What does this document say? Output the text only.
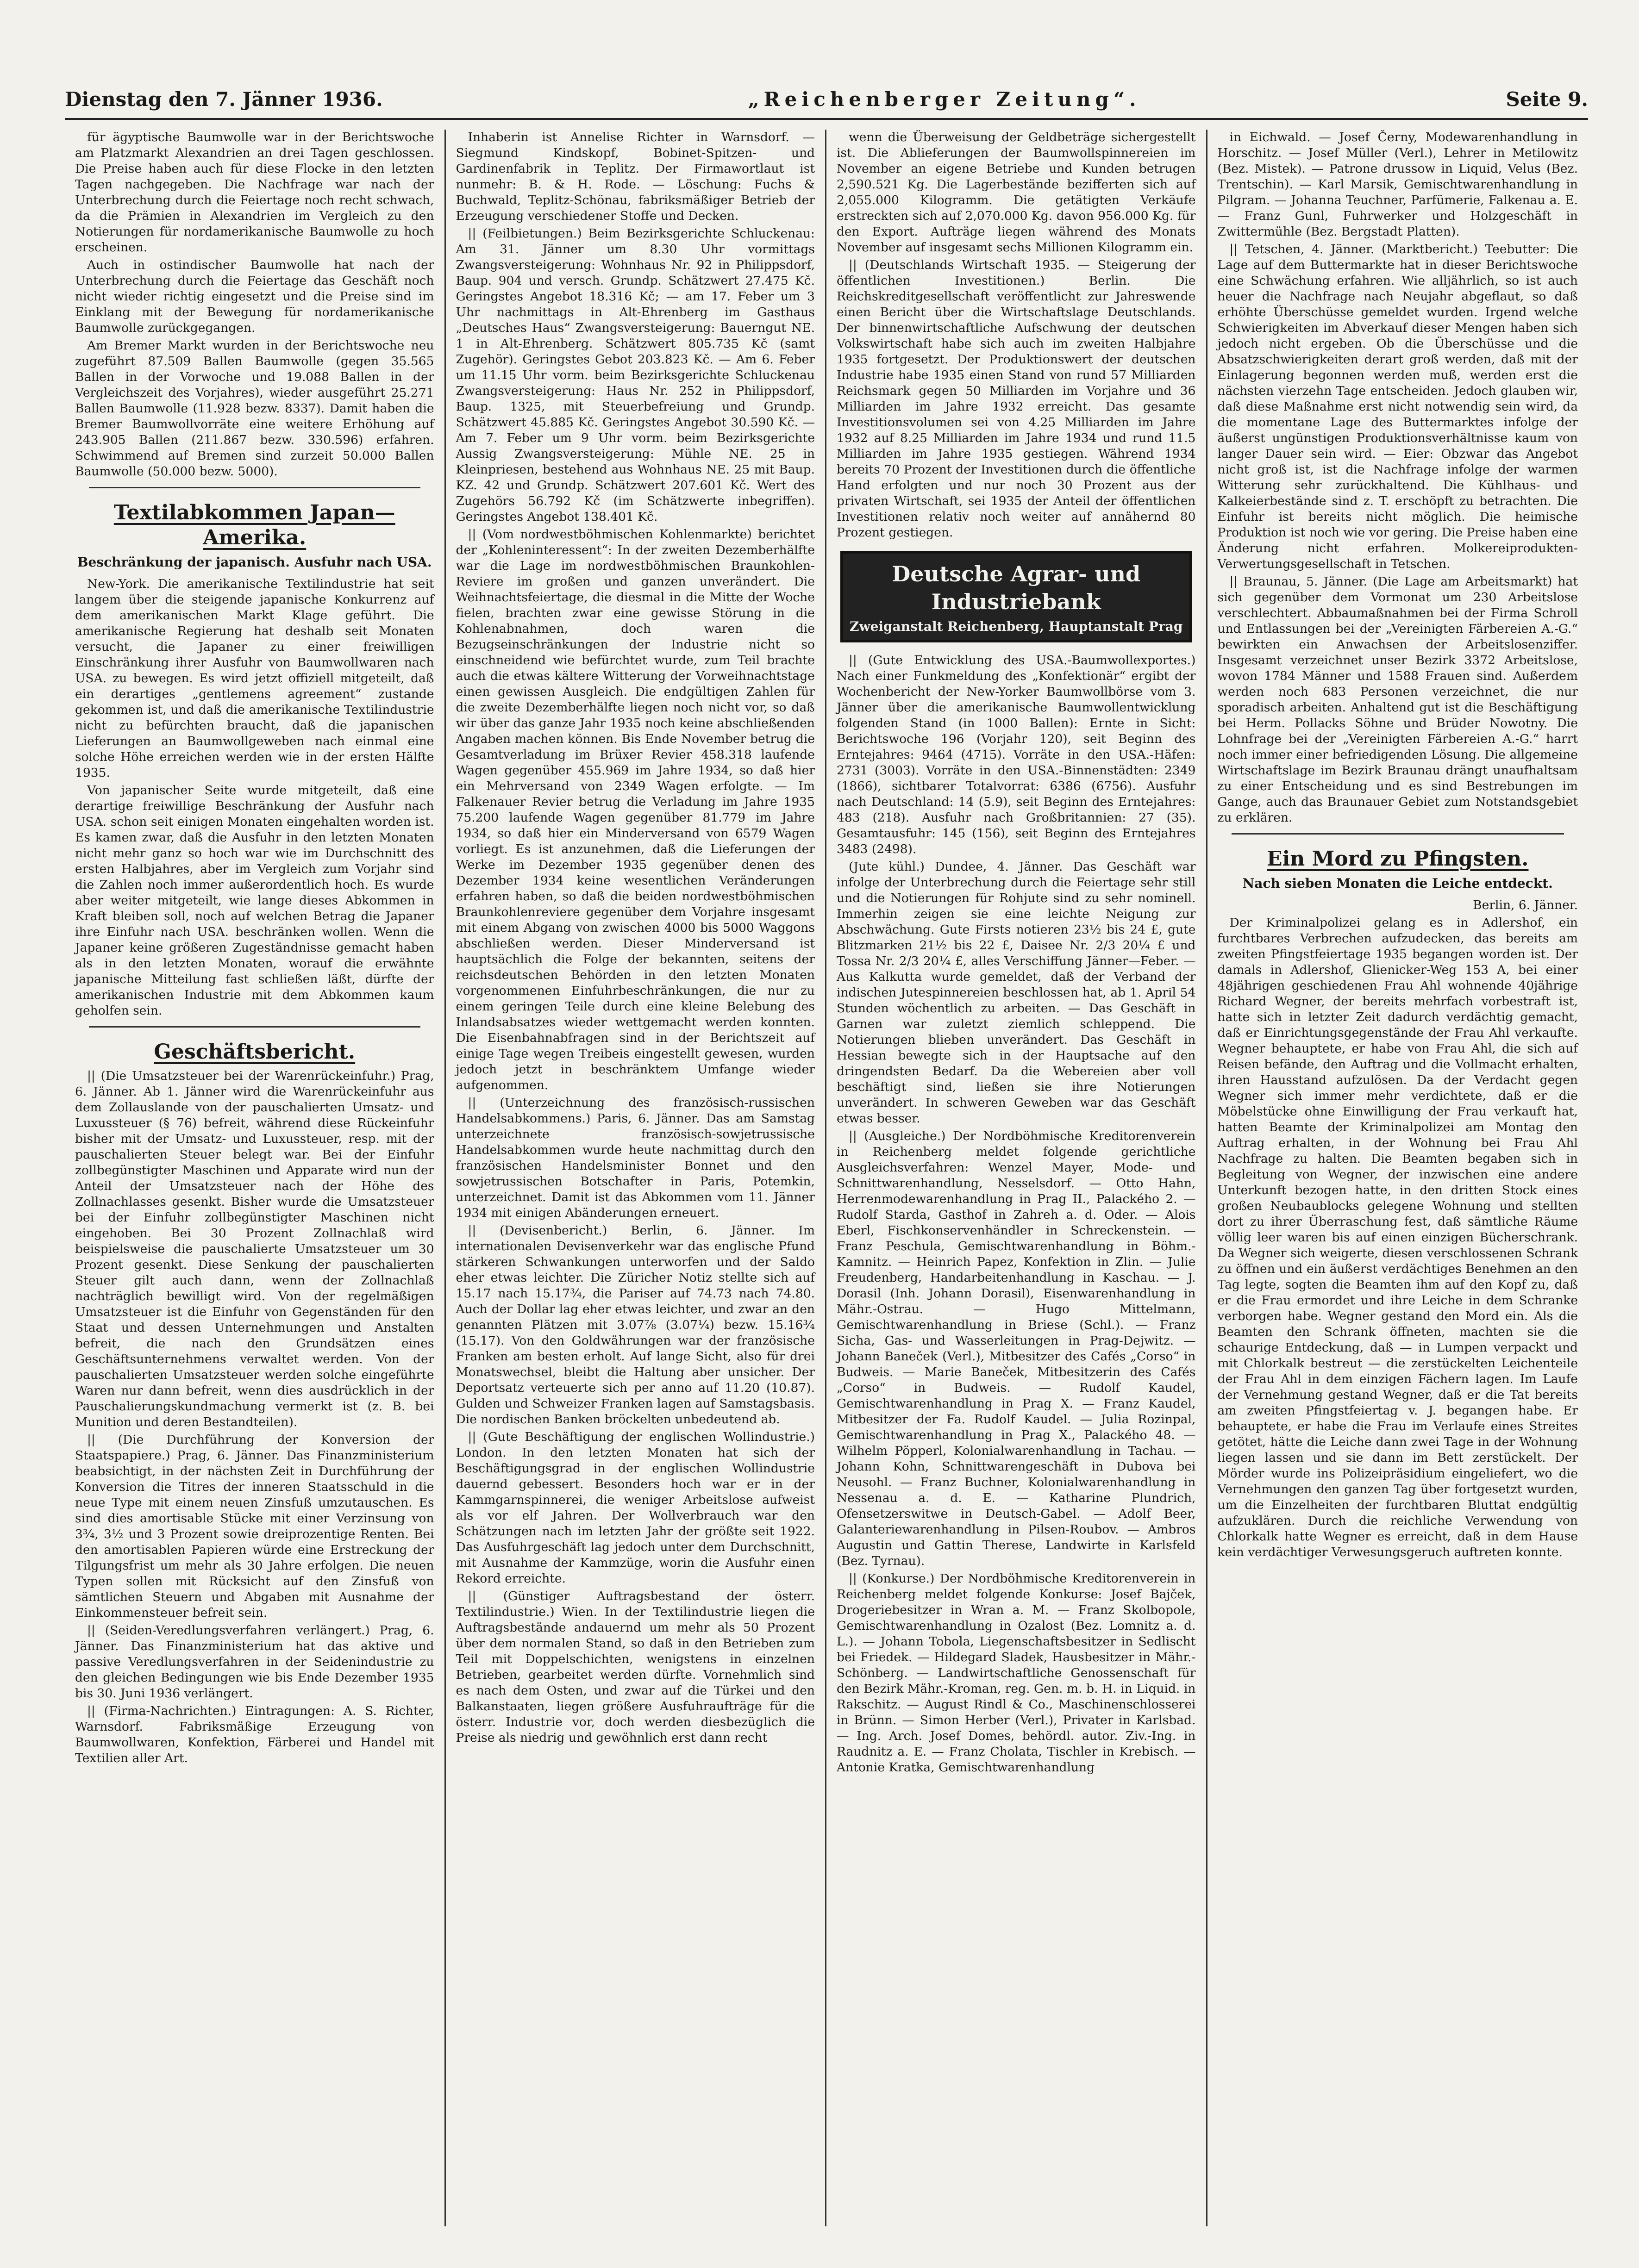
Dienstag den 7. Jänner 1936.	„Reichenberger Zeitung“.	Seite 9.

für ägyptische Baumwolle war in der Berichtswoche am Platzmarkt Alexandrien an drei Tagen geschlossen. Die Preise haben auch für diese Flocke in den letzten Tagen nachgegeben. Die Nachfrage war nach der Unterbrechung durch die Feiertage noch recht schwach, da die Prämien in Alexandrien im Vergleich zu den Notierungen für nordamerikanische Baumwolle zu hoch erscheinen.

Auch in ostindischer Baumwolle hat nach der Unterbrechung durch die Feiertage das Geschäft noch nicht wieder richtig eingesetzt und die Preise sind im Einklang mit der Bewegung für nordamerikanische Baumwolle zurückgegangen.

Am Bremer Markt wurden in der Berichtswoche neu zugeführt 87.509 Ballen Baumwolle (gegen 35.565 Ballen in der Vorwoche und 19.088 Ballen in der Vergleichszeit des Vorjahres), wieder ausgeführt 25.271 Ballen Baumwolle (11.928 bezw. 8337). Damit haben die Bremer Baumwollvorräte eine weitere Erhöhung auf 243.905 Ballen (211.867 bezw. 330.596) erfahren. Schwimmend auf Bremen sind zurzeit 50.000 Ballen Baumwolle (50.000 bezw. 5000).

Textilabkommen Japan—Amerika.
Beschränkung der japanisch. Ausfuhr nach USA.

New-York. Die amerikanische Textilindustrie hat seit langem über die steigende japanische Konkurrenz auf dem amerikanischen Markt Klage geführt. Die amerikanische Regierung hat deshalb seit Monaten versucht, die Japaner zu einer freiwilligen Einschränkung ihrer Ausfuhr von Baumwollwaren nach USA. zu bewegen. Es wird jetzt offiziell mitgeteilt, daß ein derartiges „gentlemens agreement“ zustande gekommen ist, und daß die amerikanische Textilindustrie nicht zu befürchten braucht, daß die japanischen Lieferungen an Baumwollgeweben nach einmal eine solche Höhe erreichen werden wie in der ersten Hälfte 1935.

Von japanischer Seite wurde mitgeteilt, daß eine derartige freiwillige Beschränkung der Ausfuhr nach USA. schon seit einigen Monaten eingehalten worden ist. Es kamen zwar, daß die Ausfuhr in den letzten Monaten nicht mehr ganz so hoch war wie im Durchschnitt des ersten Halbjahres, aber im Vergleich zum Vorjahr sind die Zahlen noch immer außerordentlich hoch. Es wurde aber weiter mitgeteilt, wie lange dieses Abkommen in Kraft bleiben soll, noch auf welchen Betrag die Japaner ihre Einfuhr nach USA. beschränken wollen. Wenn die Japaner keine größeren Zugeständnisse gemacht haben als in den letzten Monaten, worauf die erwähnte japanische Mitteilung fast schließen läßt, dürfte der amerikanischen Industrie mit dem Abkommen kaum geholfen sein.

Geschäftsbericht.

|| (Die Umsatzsteuer bei der Warenrückeinfuhr.) Prag, 6. Jänner. Ab 1. Jänner wird die Warenrückeinfuhr aus dem Zollauslande von der pauschalierten Umsatz- und Luxussteuer (§ 76) befreit, während diese Rückeinfuhr bisher mit der Umsatz- und Luxussteuer, resp. mit der pauschalierten Steuer belegt war. Bei der Einfuhr zollbegünstigter Maschinen und Apparate wird nun der Anteil der Umsatzsteuer nach der Höhe des Zollnachlasses gesenkt. Bisher wurde die Umsatzsteuer bei der Einfuhr zollbegünstigter Maschinen nicht eingehoben. Bei 30 Prozent Zollnachlaß wird beispielsweise die pauschalierte Umsatzsteuer um 30 Prozent gesenkt. Diese Senkung der pauschalierten Steuer gilt auch dann, wenn der Zollnachlaß nachträglich bewilligt wird. Von der regelmäßigen Umsatzsteuer ist die Einfuhr von Gegenständen für den Staat und dessen Unternehmungen und Anstalten befreit, die nach den Grundsätzen eines Geschäftsunternehmens verwaltet werden. Von der pauschalierten Umsatzsteuer werden solche eingeführte Waren nur dann befreit, wenn dies ausdrücklich in der Pauschalierungskundmachung vermerkt ist (z. B. bei Munition und deren Bestandteilen).

|| (Die Durchführung der Konversion der Staatspapiere.) Prag, 6. Jänner. Das Finanzministerium beabsichtigt, in der nächsten Zeit in Durchführung der Konversion die Titres der inneren Staatsschuld in die neue Type mit einem neuen Zinsfuß umzutauschen. Es sind dies amortisable Stücke mit einer Verzinsung von 3¾, 3½ und 3 Prozent sowie dreiprozentige Renten. Bei den amortisablen Papieren würde eine Erstreckung der Tilgungsfrist um mehr als 30 Jahre erfolgen. Die neuen Typen sollen mit Rücksicht auf den Zinsfuß von sämtlichen Steuern und Abgaben mit Ausnahme der Einkommensteuer befreit sein.

|| (Seiden-Veredlungsverfahren verlängert.) Prag, 6. Jänner. Das Finanzministerium hat das aktive und passive Veredlungsverfahren in der Seidenindustrie zu den gleichen Bedingungen wie bis Ende Dezember 1935 bis 30. Juni 1936 verlängert.

|| (Firma-Nachrichten.) Eintragungen: A. S. Richter, Warnsdorf. Fabriksmäßige Erzeugung von Baumwollwaren, Konfektion, Färberei und Handel mit Textilien aller Art.

Inhaberin ist Annelise Richter in Warnsdorf. — Siegmund Kindskopf, Bobinet-Spitzen- und Gardinenfabrik in Teplitz. Der Firmawortlaut ist nunmehr: B. & H. Rode. — Löschung: Fuchs & Buchwald, Teplitz-Schönau, fabriksmäßiger Betrieb der Erzeugung verschiedener Stoffe und Decken.

|| (Feilbietungen.) Beim Bezirksgerichte Schluckenau: Am 31. Jänner um 8.30 Uhr vormittags Zwangsversteigerung: Wohnhaus Nr. 92 in Philippsdorf, Baup. 904 und versch. Grundp. Schätzwert 27.475 Kč. Geringstes Angebot 18.316 Kč; — am 17. Feber um 3 Uhr nachmittags in Alt-Ehrenberg im Gasthaus „Deutsches Haus“ Zwangsversteigerung: Bauerngut NE. 1 in Alt-Ehrenberg. Schätzwert 805.735 Kč (samt Zugehör). Geringstes Gebot 203.823 Kč. — Am 6. Feber um 11.15 Uhr vorm. beim Bezirksgerichte Schluckenau Zwangsversteigerung: Haus Nr. 252 in Philippsdorf, Baup. 1325, mit Steuerbefreiung und Grundp. Schätzwert 45.885 Kč. Geringstes Angebot 30.590 Kč. — Am 7. Feber um 9 Uhr vorm. beim Bezirksgerichte Aussig Zwangsversteigerung: Mühle NE. 25 in Kleinpriesen, bestehend aus Wohnhaus NE. 25 mit Baup. KZ. 42 und Grundp. Schätzwert 207.601 Kč. Wert des Zugehörs 56.792 Kč (im Schätzwerte inbegriffen). Geringstes Angebot 138.401 Kč.

|| (Vom nordwestböhmischen Kohlenmarkte) berichtet der „Kohleninteressent“: In der zweiten Dezemberhälfte war die Lage im nordwestböhmischen Braunkohlen-Reviere im großen und ganzen unverändert. Die Weihnachtsfeiertage, die diesmal in die Mitte der Woche fielen, brachten zwar eine gewisse Störung in die Kohlenabnahmen, doch waren die Bezugseinschränkungen der Industrie nicht so einschneidend wie befürchtet wurde, zum Teil brachte auch die etwas kältere Witterung der Vorweihnachtstage einen gewissen Ausgleich. Die endgültigen Zahlen für die zweite Dezemberhälfte liegen noch nicht vor, so daß wir über das ganze Jahr 1935 noch keine abschließenden Angaben machen können. Bis Ende November betrug die Gesamtverladung im Brüxer Revier 458.318 laufende Wagen gegenüber 455.969 im Jahre 1934, so daß hier ein Mehrversand von 2349 Wagen erfolgte. — Im Falkenauer Revier betrug die Verladung im Jahre 1935 75.200 laufende Wagen gegenüber 81.779 im Jahre 1934, so daß hier ein Minderversand von 6579 Wagen vorliegt. Es ist anzunehmen, daß die Lieferungen der Werke im Dezember 1935 gegenüber denen des Dezember 1934 keine wesentlichen Veränderungen erfahren haben, so daß die beiden nordwestböhmischen Braunkohlenreviere gegenüber dem Vorjahre insgesamt mit einem Abgang von zwischen 4000 bis 5000 Waggons abschließen werden. Dieser Minderversand ist hauptsächlich die Folge der bekannten, seitens der reichsdeutschen Behörden in den letzten Monaten vorgenommenen Einfuhrbeschränkungen, die nur zu einem geringen Teile durch eine kleine Belebung des Inlandsabsatzes wieder wettgemacht werden konnten. Die Eisenbahnabfragen sind in der Berichtszeit auf einige Tage wegen Treibeis eingestellt gewesen, wurden jedoch jetzt in beschränktem Umfange wieder aufgenommen.

|| (Unterzeichnung des französisch-russischen Handelsabkommens.) Paris, 6. Jänner. Das am Samstag unterzeichnete französisch-sowjetrussische Handelsabkommen wurde heute nachmittag durch den französischen Handelsminister Bonnet und den sowjetrussischen Botschafter in Paris, Potemkin, unterzeichnet. Damit ist das Abkommen vom 11. Jänner 1934 mit einigen Abänderungen erneuert.

|| (Devisenbericht.) Berlin, 6. Jänner. Im internationalen Devisenverkehr war das englische Pfund stärkeren Schwankungen unterworfen und der Saldo eher etwas leichter. Die Züricher Notiz stellte sich auf 15.17 nach 15.17¾, die Pariser auf 74.73 nach 74.80. Auch der Dollar lag eher etwas leichter, und zwar an den genannten Plätzen mit 3.07⅞ (3.07¼) bezw. 15.16¾ (15.17). Von den Goldwährungen war der französische Franken am besten erholt. Auf lange Sicht, also für drei Monatswechsel, bleibt die Haltung aber unsicher. Der Deportsatz verteuerte sich per anno auf 11.20 (10.87). Gulden und Schweizer Franken lagen auf Samstagsbasis. Die nordischen Banken bröckelten unbedeutend ab.

|| (Gute Beschäftigung der englischen Wollindustrie.) London. In den letzten Monaten hat sich der Beschäftigungsgrad in der englischen Wollindustrie dauernd gebessert. Besonders hoch war er in der Kammgarnspinnerei, die weniger Arbeitslose aufweist als vor elf Jahren. Der Wollverbrauch war den Schätzungen nach im letzten Jahr der größte seit 1922. Das Ausfuhrgeschäft lag jedoch unter dem Durchschnitt, mit Ausnahme der Kammzüge, worin die Ausfuhr einen Rekord erreichte.

|| (Günstiger Auftragsbestand der österr. Textilindustrie.) Wien. In der Textilindustrie liegen die Auftragsbestände andauernd um mehr als 50 Prozent über dem normalen Stand, so daß in den Betrieben zum Teil mit Doppelschichten, wenigstens in einzelnen Betrieben, gearbeitet werden dürfte. Vornehmlich sind es nach dem Osten, und zwar auf die Türkei und den Balkanstaaten, liegen größere Ausfuhraufträge für die österr. Industrie vor, doch werden diesbezüglich die Preise als niedrig und gewöhnlich erst dann recht

wenn die Überweisung der Geldbeträge sichergestellt ist. Die Ablieferungen der Baumwollspinnereien im November an eigene Betriebe und Kunden betrugen 2,590.521 Kg. Die Lagerbestände bezifferten sich auf 2,055.000 Kilogramm. Die getätigten Verkäufe erstreckten sich auf 2,070.000 Kg. davon 956.000 Kg. für den Export. Aufträge liegen während des Monats November auf insgesamt sechs Millionen Kilogramm ein.

|| (Deutschlands Wirtschaft 1935. — Steigerung der öffentlichen Investitionen.) Berlin. Die Reichskreditgesellschaft veröffentlicht zur Jahreswende einen Bericht über die Wirtschaftslage Deutschlands. Der binnenwirtschaftliche Aufschwung der deutschen Volkswirtschaft habe sich auch im zweiten Halbjahre 1935 fortgesetzt. Der Produktionswert der deutschen Industrie habe 1935 einen Stand von rund 57 Milliarden Reichsmark gegen 50 Milliarden im Vorjahre und 36 Milliarden im Jahre 1932 erreicht. Das gesamte Investitionsvolumen sei von 4.25 Milliarden im Jahre 1932 auf 8.25 Milliarden im Jahre 1934 und rund 11.5 Milliarden im Jahre 1935 gestiegen. Während 1934 bereits 70 Prozent der Investitionen durch die öffentliche Hand erfolgten und nur noch 30 Prozent aus der privaten Wirtschaft, sei 1935 der Anteil der öffentlichen Investitionen relativ noch weiter auf annähernd 80 Prozent gestiegen.

Deutsche Agrar- und Industriebank
Zweiganstalt Reichenberg, Hauptanstalt Prag

|| (Gute Entwicklung des USA.-Baumwollexportes.) Nach einer Funkmeldung des „Konfektionär“ ergibt der Wochenbericht der New-Yorker Baumwollbörse vom 3. Jänner über die amerikanische Baumwollentwicklung folgenden Stand (in 1000 Ballen): Ernte in Sicht: Berichtswoche 196 (Vorjahr 120), seit Beginn des Erntejahres: 9464 (4715). Vorräte in den USA.-Häfen: 2731 (3003). Vorräte in den USA.-Binnenstädten: 2349 (1866), sichtbarer Totalvorrat: 6386 (6756). Ausfuhr nach Deutschland: 14 (5.9), seit Beginn des Erntejahres: 483 (218). Ausfuhr nach Großbritannien: 27 (35). Gesamtausfuhr: 145 (156), seit Beginn des Erntejahres 3483 (2498).

(Jute kühl.) Dundee, 4. Jänner. Das Geschäft war infolge der Unterbrechung durch die Feiertage sehr still und die Notierungen für Rohjute sind zu sehr nominell. Immerhin zeigen sie eine leichte Neigung zur Abschwächung. Gute Firsts notieren 23½ bis 24 £, gute Blitzmarken 21½ bis 22 £, Daisee Nr. 2/3 20¼ £ und Tossa Nr. 2/3 20¼ £, alles Verschiffung Jänner—Feber. — Aus Kalkutta wurde gemeldet, daß der Verband der indischen Jutespinnereien beschlossen hat, ab 1. April 54 Stunden wöchentlich zu arbeiten. — Das Geschäft in Garnen war zuletzt ziemlich schleppend. Die Notierungen blieben unverändert. Das Geschäft in Hessian bewegte sich in der Hauptsache auf den dringendsten Bedarf. Da die Webereien aber voll beschäftigt sind, ließen sie ihre Notierungen unverändert. In schweren Geweben war das Geschäft etwas besser.

|| (Ausgleiche.) Der Nordböhmische Kreditorenverein in Reichenberg meldet folgende gerichtliche Ausgleichsverfahren: Wenzel Mayer, Mode- und Schnittwarenhandlung, Nesselsdorf. — Otto Hahn, Herrenmodewarenhandlung in Prag II., Palackého 2. — Rudolf Starda, Gasthof in Zahreh a. d. Oder. — Alois Eberl, Fischkonservenhändler in Schreckenstein. — Franz Peschula, Gemischtwarenhandlung in Böhm.-Kamnitz. — Heinrich Papez, Konfektion in Zlin. — Julie Freudenberg, Handarbeitenhandlung in Kaschau. — J. Dorasil (Inh. Johann Dorasil), Eisenwarenhandlung in Mähr.-Ostrau. — Hugo Mittelmann, Gemischtwarenhandlung in Briese (Schl.). — Franz Sicha, Gas- und Wasserleitungen in Prag-Dejwitz. — Johann Baneček (Verl.), Mitbesitzer des Cafés „Corso“ in Budweis. — Marie Baneček, Mitbesitzerin des Cafés „Corso“ in Budweis. — Rudolf Kaudel, Gemischtwarenhandlung in Prag X. — Franz Kaudel, Mitbesitzer der Fa. Rudolf Kaudel. — Julia Rozinpal, Gemischtwarenhandlung in Prag X., Palackého 48. — Wilhelm Pöpperl, Kolonialwarenhandlung in Tachau. — Johann Kohn, Schnittwarengeschäft in Dubova bei Neusohl. — Franz Buchner, Kolonialwarenhandlung in Nessenau a. d. E. — Katharine Plundrich, Ofensetzerswitwe in Deutsch-Gabel. — Adolf Beer, Galanteriewarenhandlung in Pilsen-Roubov. — Ambros Augustin und Gattin Therese, Landwirte in Karlsfeld (Bez. Tyrnau).

|| (Konkurse.) Der Nordböhmische Kreditorenverein in Reichenberg meldet folgende Konkurse: Josef Bajček, Drogeriebesitzer in Wran a. M. — Franz Skolbopole, Gemischtwarenhandlung in Ozalost (Bez. Lomnitz a. d. L.). — Johann Tobola, Liegenschaftsbesitzer in Sedlischt bei Friedek. — Hildegard Sladek, Hausbesitzer in Mähr.-Schönberg. — Landwirtschaftliche Genossenschaft für den Bezirk Mähr.-Kroman, reg. Gen. m. b. H. in Liquid. in Rakschitz. — August Rindl & Co., Maschinenschlosserei in Brünn. — Simon Herber (Verl.), Privater in Karlsbad. — Ing. Arch. Josef Domes, behördl. autor. Ziv.-Ing. in Raudnitz a. E. — Franz Cholata, Tischler in Krebisch. — Antonie Kratka, Gemischtwarenhandlung

in Eichwald. — Josef Černy, Modewarenhandlung in Horschitz. — Josef Müller (Verl.), Lehrer in Metilowitz (Bez. Mistek). — Patrone drussow in Liquid, Velus (Bez. Trentschin). — Karl Marsik, Gemischtwarenhandlung in Pilgram. — Johanna Teuchner, Parfümerie, Falkenau a. E. — Franz Gunl, Fuhrwerker und Holzgeschäft in Zwittermühle (Bez. Bergstadt Platten).

|| Tetschen, 4. Jänner. (Marktbericht.) Teebutter: Die Lage auf dem Buttermarkte hat in dieser Berichtswoche eine Schwächung erfahren. Wie alljährlich, so ist auch heuer die Nachfrage nach Neujahr abgeflaut, so daß erhöhte Überschüsse gemeldet wurden. Irgend welche Schwierigkeiten im Abverkauf dieser Mengen haben sich jedoch nicht ergeben. Ob die Überschüsse und die Absatzschwierigkeiten derart groß werden, daß mit der Einlagerung begonnen werden muß, werden erst die nächsten vierzehn Tage entscheiden. Jedoch glauben wir, daß diese Maßnahme erst nicht notwendig sein wird, da die momentane Lage des Buttermarktes infolge der äußerst ungünstigen Produktionsverhältnisse kaum von langer Dauer sein wird. — Eier: Obzwar das Angebot nicht groß ist, ist die Nachfrage infolge der warmen Witterung sehr zurückhaltend. Die Kühlhaus- und Kalkeierbestände sind z. T. erschöpft zu betrachten. Die Einfuhr ist bereits nicht möglich. Die heimische Produktion ist noch wie vor gering. Die Preise haben eine Änderung nicht erfahren. Molkereiprodukten-Verwertungsgesellschaft in Tetschen.

|| Braunau, 5. Jänner. (Die Lage am Arbeitsmarkt) hat sich gegenüber dem Vormonat um 230 Arbeitslose verschlechtert. Abbaumaßnahmen bei der Firma Schroll und Entlassungen bei der „Vereinigten Färbereien A.-G.“ bewirkten ein Anwachsen der Arbeitslosenziffer. Insgesamt verzeichnet unser Bezirk 3372 Arbeitslose, wovon 1784 Männer und 1588 Frauen sind. Außerdem werden noch 683 Personen verzeichnet, die nur sporadisch arbeiten. Anhaltend gut ist die Beschäftigung bei Herm. Pollacks Söhne und Brüder Nowotny. Die Lohnfrage bei der „Vereinigten Färbereien A.-G.“ harrt noch immer einer befriedigenden Lösung. Die allgemeine Wirtschaftslage im Bezirk Braunau drängt unaufhaltsam zu einer Entscheidung und es sind Bestrebungen im Gange, auch das Braunauer Gebiet zum Notstandsgebiet zu erklären.

Ein Mord zu Pfingsten.
Nach sieben Monaten die Leiche entdeckt.

Berlin, 6. Jänner.

Der Kriminalpolizei gelang es in Adlershof, ein furchtbares Verbrechen aufzudecken, das bereits am zweiten Pfingstfeiertage 1935 begangen worden ist. Der damals in Adlershof, Glienicker-Weg 153 A, bei einer 48jährigen geschiedenen Frau Ahl wohnende 40jährige Richard Wegner, der bereits mehrfach vorbestraft ist, hatte sich in letzter Zeit dadurch verdächtig gemacht, daß er Einrichtungsgegenstände der Frau Ahl verkaufte. Wegner behauptete, er habe von Frau Ahl, die sich auf Reisen befände, den Auftrag und die Vollmacht erhalten, ihren Hausstand aufzulösen. Da der Verdacht gegen Wegner sich immer mehr verdichtete, daß er die Möbelstücke ohne Einwilligung der Frau verkauft hat, hatten Beamte der Kriminalpolizei am Montag den Auftrag erhalten, in der Wohnung bei Frau Ahl Nachfrage zu halten. Die Beamten begaben sich in Begleitung von Wegner, der inzwischen eine andere Unterkunft bezogen hatte, in den dritten Stock eines großen Neubaublocks gelegene Wohnung und stellten dort zu ihrer Überraschung fest, daß sämtliche Räume völlig leer waren bis auf einen einzigen Bücherschrank. Da Wegner sich weigerte, diesen verschlossenen Schrank zu öffnen und ein äußerst verdächtiges Benehmen an den Tag legte, sogten die Beamten ihm auf den Kopf zu, daß er die Frau ermordet und ihre Leiche in dem Schranke verborgen habe. Wegner gestand den Mord ein. Als die Beamten den Schrank öffneten, machten sie die schaurige Entdeckung, daß — in Lumpen verpackt und mit Chlorkalk bestreut — die zerstückelten Leichenteile der Frau Ahl in dem einzigen Fächern lagen. Im Laufe der Vernehmung gestand Wegner, daß er die Tat bereits am zweiten Pfingstfeiertag v. J. begangen habe. Er behauptete, er habe die Frau im Verlaufe eines Streites getötet, hätte die Leiche dann zwei Tage in der Wohnung liegen lassen und sie dann im Bett zerstückelt. Der Mörder wurde ins Polizeipräsidium eingeliefert, wo die Vernehmungen den ganzen Tag über fortgesetzt wurden, um die Einzelheiten der furchtbaren Bluttat endgültig aufzuklären. Durch die reichliche Verwendung von Chlorkalk hatte Wegner es erreicht, daß in dem Hause kein verdächtiger Verwesungsgeruch auftreten konnte.
